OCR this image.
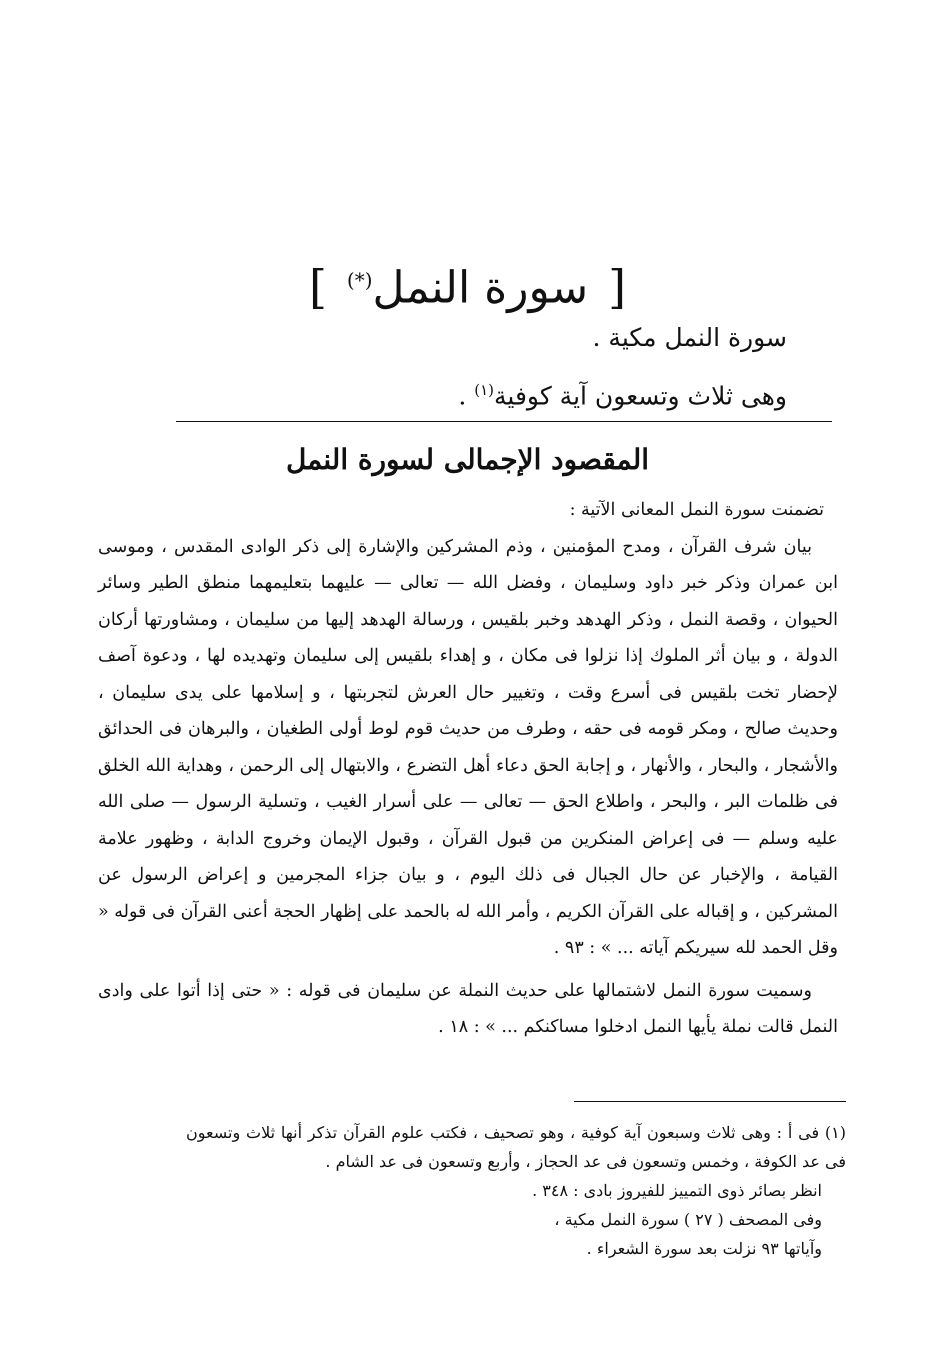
[ سورة النمل(*) ]
سورة النمل مكية .
وهى ثلاث وتسعون آية كوفية$^{(١)}$ .
المقصود الإجمالى لسورة النمل

تضمنت سورة النمل المعانى الآتية :

بيان شرف القرآن ، ومدح المؤمنين ، وذم المشركين والإشارة إلى ذكر الوادى المقدس ، وموسى ابن عمران وذكر خبر داود وسليمان ، وفضل الله — تعالى — عليهما بتعليمهما منطق الطير وسائر الحيوان ، وقصة النمل ، وذكر الهدهد وخبر بلقيس ، ورسالة الهدهد إليها من سليمان ، ومشاورتها أركان الدولة ، و بيان أثر الملوك إذا نزلوا فى مكان ، و إهداء بلقيس إلى سليمان وتهديده لها ، ودعوة آصف لإحضار تخت بلقيس فى أسرع وقت ، وتغيير حال العرش لتجربتها ، و إسلامها على يدى سليمان ، وحديث صالح ، ومكر قومه فى حقه ، وطرف من حديث قوم لوط أولى الطغيان ، والبرهان فى الحدائق والأشجار ، والبحار ، والأنهار ، و إجابة الحق دعاء أهل التضرع ، والابتهال إلى الرحمن ، وهداية الله الخلق فى ظلمات البر ، والبحر ، واطلاع الحق — تعالى — على أسرار الغيب ، وتسلية الرسول — صلى الله عليه وسلم — فى إعراض المنكرين من قبول القرآن ، وقبول الإيمان وخروج الدابة ، وظهور علامة القيامة ، والإخبار عن حال الجبال فى ذلك اليوم ، و بيان جزاء المجرمين و إعراض الرسول عن المشركين ، و إقباله على القرآن الكريم ، وأمر الله له بالحمد على إظهار الحجة أعنى القرآن فى قوله « وقل الحمد لله سيريكم آياته ... » : ٩٣ .

وسميت سورة النمل لاشتمالها على حديث النملة عن سليمان فى قوله : « حتى إذا أتوا على وادى النمل قالت نملة يأيها النمل ادخلوا مساكنكم ... » : ١٨ .

(١) فى أ : وهى ثلاث وسبعون آية كوفية ، وهو تصحيف ، فكتب علوم القرآن تذكر أنها ثلاث وتسعون فى عد الكوفة ، وخمس وتسعون فى عد الحجاز ، وأربع وتسعون فى عد الشام .

انظر بصائر ذوى التمييز للفيروز بادى : ٣٤٨ .

وفى المصحف ( ٢٧ ) سورة النمل مكية ،

وآياتها ٩٣ نزلت بعد سورة الشعراء .
